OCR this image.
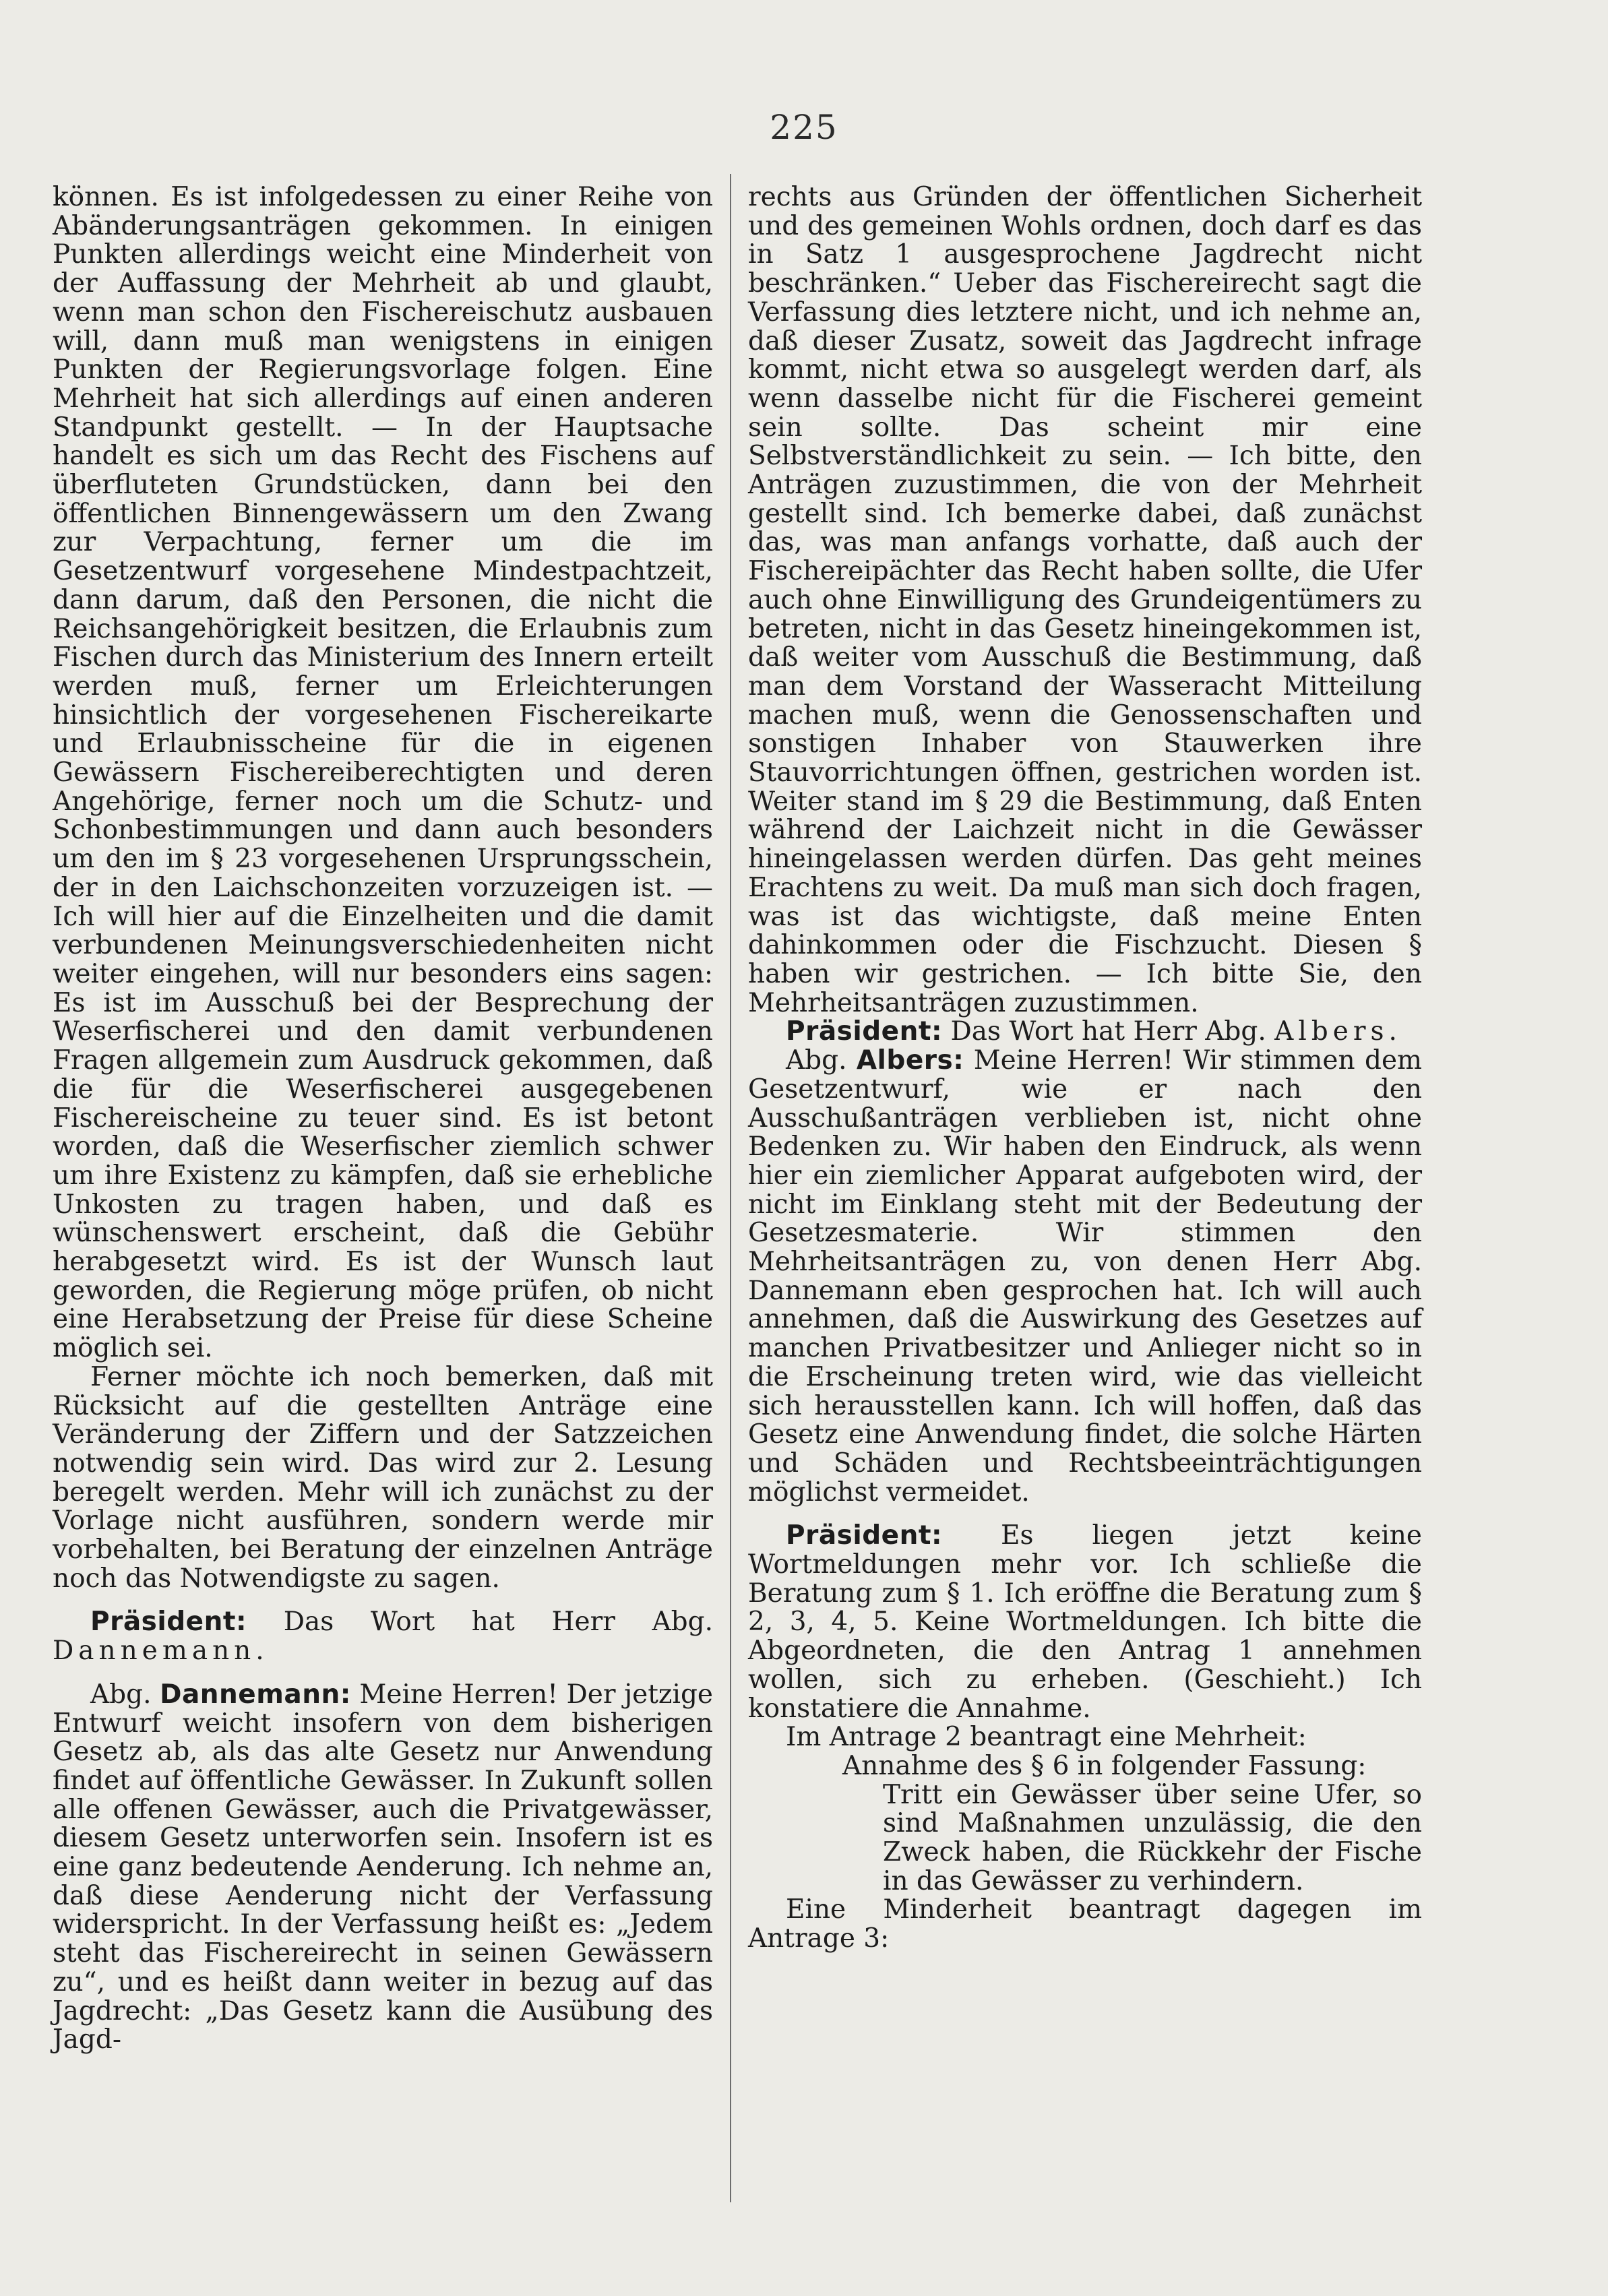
225

können. Es ist infolgedessen zu einer Reihe von Abänderungsanträgen gekommen. In einigen Punkten allerdings weicht eine Minderheit von der Auffassung der Mehrheit ab und glaubt, wenn man schon den Fischereischutz ausbauen will, dann muß man wenigstens in einigen Punkten der Regierungsvorlage folgen. Eine Mehrheit hat sich allerdings auf einen anderen Standpunkt gestellt. — In der Hauptsache handelt es sich um das Recht des Fischens auf überfluteten Grundstücken, dann bei den öffentlichen Binnengewässern um den Zwang zur Verpachtung, ferner um die im Gesetzentwurf vorgesehene Mindestpachtzeit, dann darum, daß den Personen, die nicht die Reichsangehörigkeit besitzen, die Erlaubnis zum Fischen durch das Ministerium des Innern erteilt werden muß, ferner um Erleichterungen hinsichtlich der vorgesehenen Fischereikarte und Erlaubnisscheine für die in eigenen Gewässern Fischereiberechtigten und deren Angehörige, ferner noch um die Schutz- und Schonbestimmungen und dann auch besonders um den im § 23 vorgesehenen Ursprungsschein, der in den Laichschonzeiten vorzuzeigen ist. — Ich will hier auf die Einzelheiten und die damit verbundenen Meinungsverschiedenheiten nicht weiter eingehen, will nur besonders eins sagen: Es ist im Ausschuß bei der Besprechung der Weserfischerei und den damit verbundenen Fragen allgemein zum Ausdruck gekommen, daß die für die Weserfischerei ausgegebenen Fischereischeine zu teuer sind. Es ist betont worden, daß die Weserfischer ziemlich schwer um ihre Existenz zu kämpfen, daß sie erhebliche Unkosten zu tragen haben, und daß es wünschenswert erscheint, daß die Gebühr herabgesetzt wird. Es ist der Wunsch laut geworden, die Regierung möge prüfen, ob nicht eine Herabsetzung der Preise für diese Scheine möglich sei.

Ferner möchte ich noch bemerken, daß mit Rücksicht auf die gestellten Anträge eine Veränderung der Ziffern und der Satzzeichen notwendig sein wird. Das wird zur 2. Lesung beregelt werden. Mehr will ich zunächst zu der Vorlage nicht ausführen, sondern werde mir vorbehalten, bei Beratung der einzelnen Anträge noch das Notwendigste zu sagen.

Präsident: Das Wort hat Herr Abg. Dannemann.

Abg. Dannemann: Meine Herren! Der jetzige Entwurf weicht insofern von dem bisherigen Gesetz ab, als das alte Gesetz nur Anwendung findet auf öffentliche Gewässer. In Zukunft sollen alle offenen Gewässer, auch die Privatgewässer, diesem Gesetz unterworfen sein. Insofern ist es eine ganz bedeutende Aenderung. Ich nehme an, daß diese Aenderung nicht der Verfassung widerspricht. In der Verfassung heißt es: „Jedem steht das Fischereirecht in seinen Gewässern zu“, und es heißt dann weiter in bezug auf das Jagdrecht: „Das Gesetz kann die Ausübung des Jagd-

rechts aus Gründen der öffentlichen Sicherheit und des gemeinen Wohls ordnen, doch darf es das in Satz 1 ausgesprochene Jagdrecht nicht beschränken.“ Ueber das Fischereirecht sagt die Verfassung dies letztere nicht, und ich nehme an, daß dieser Zusatz, soweit das Jagdrecht infrage kommt, nicht etwa so ausgelegt werden darf, als wenn dasselbe nicht für die Fischerei gemeint sein sollte. Das scheint mir eine Selbstverständlichkeit zu sein. — Ich bitte, den Anträgen zuzustimmen, die von der Mehrheit gestellt sind. Ich bemerke dabei, daß zunächst das, was man anfangs vorhatte, daß auch der Fischereipächter das Recht haben sollte, die Ufer auch ohne Einwilligung des Grundeigentümers zu betreten, nicht in das Gesetz hineingekommen ist, daß weiter vom Ausschuß die Bestimmung, daß man dem Vorstand der Wasseracht Mitteilung machen muß, wenn die Genossenschaften und sonstigen Inhaber von Stauwerken ihre Stauvorrichtungen öffnen, gestrichen worden ist. Weiter stand im § 29 die Bestimmung, daß Enten während der Laichzeit nicht in die Gewässer hineingelassen werden dürfen. Das geht meines Erachtens zu weit. Da muß man sich doch fragen, was ist das wichtigste, daß meine Enten dahinkommen oder die Fischzucht. Diesen § haben wir gestrichen. — Ich bitte Sie, den Mehrheitsanträgen zuzustimmen.

Präsident: Das Wort hat Herr Abg. Albers.

Abg. Albers: Meine Herren! Wir stimmen dem Gesetzentwurf, wie er nach den Ausschußanträgen verblieben ist, nicht ohne Bedenken zu. Wir haben den Eindruck, als wenn hier ein ziemlicher Apparat aufgeboten wird, der nicht im Einklang steht mit der Bedeutung der Gesetzesmaterie. Wir stimmen den Mehrheitsanträgen zu, von denen Herr Abg. Dannemann eben gesprochen hat. Ich will auch annehmen, daß die Auswirkung des Gesetzes auf manchen Privatbesitzer und Anlieger nicht so in die Erscheinung treten wird, wie das vielleicht sich herausstellen kann. Ich will hoffen, daß das Gesetz eine Anwendung findet, die solche Härten und Schäden und Rechtsbeeinträchtigungen möglichst vermeidet.

Präsident: Es liegen jetzt keine Wortmeldungen mehr vor. Ich schließe die Beratung zum § 1. Ich eröffne die Beratung zum § 2, 3, 4, 5. Keine Wortmeldungen. Ich bitte die Abgeordneten, die den Antrag 1 annehmen wollen, sich zu erheben. (Geschieht.) Ich konstatiere die Annahme.

Im Antrage 2 beantragt eine Mehrheit:

Annahme des § 6 in folgender Fassung:

Tritt ein Gewässer über seine Ufer, so sind Maßnahmen unzulässig, die den Zweck haben, die Rückkehr der Fische in das Gewässer zu verhindern.

Eine Minderheit beantragt dagegen im Antrage 3:
